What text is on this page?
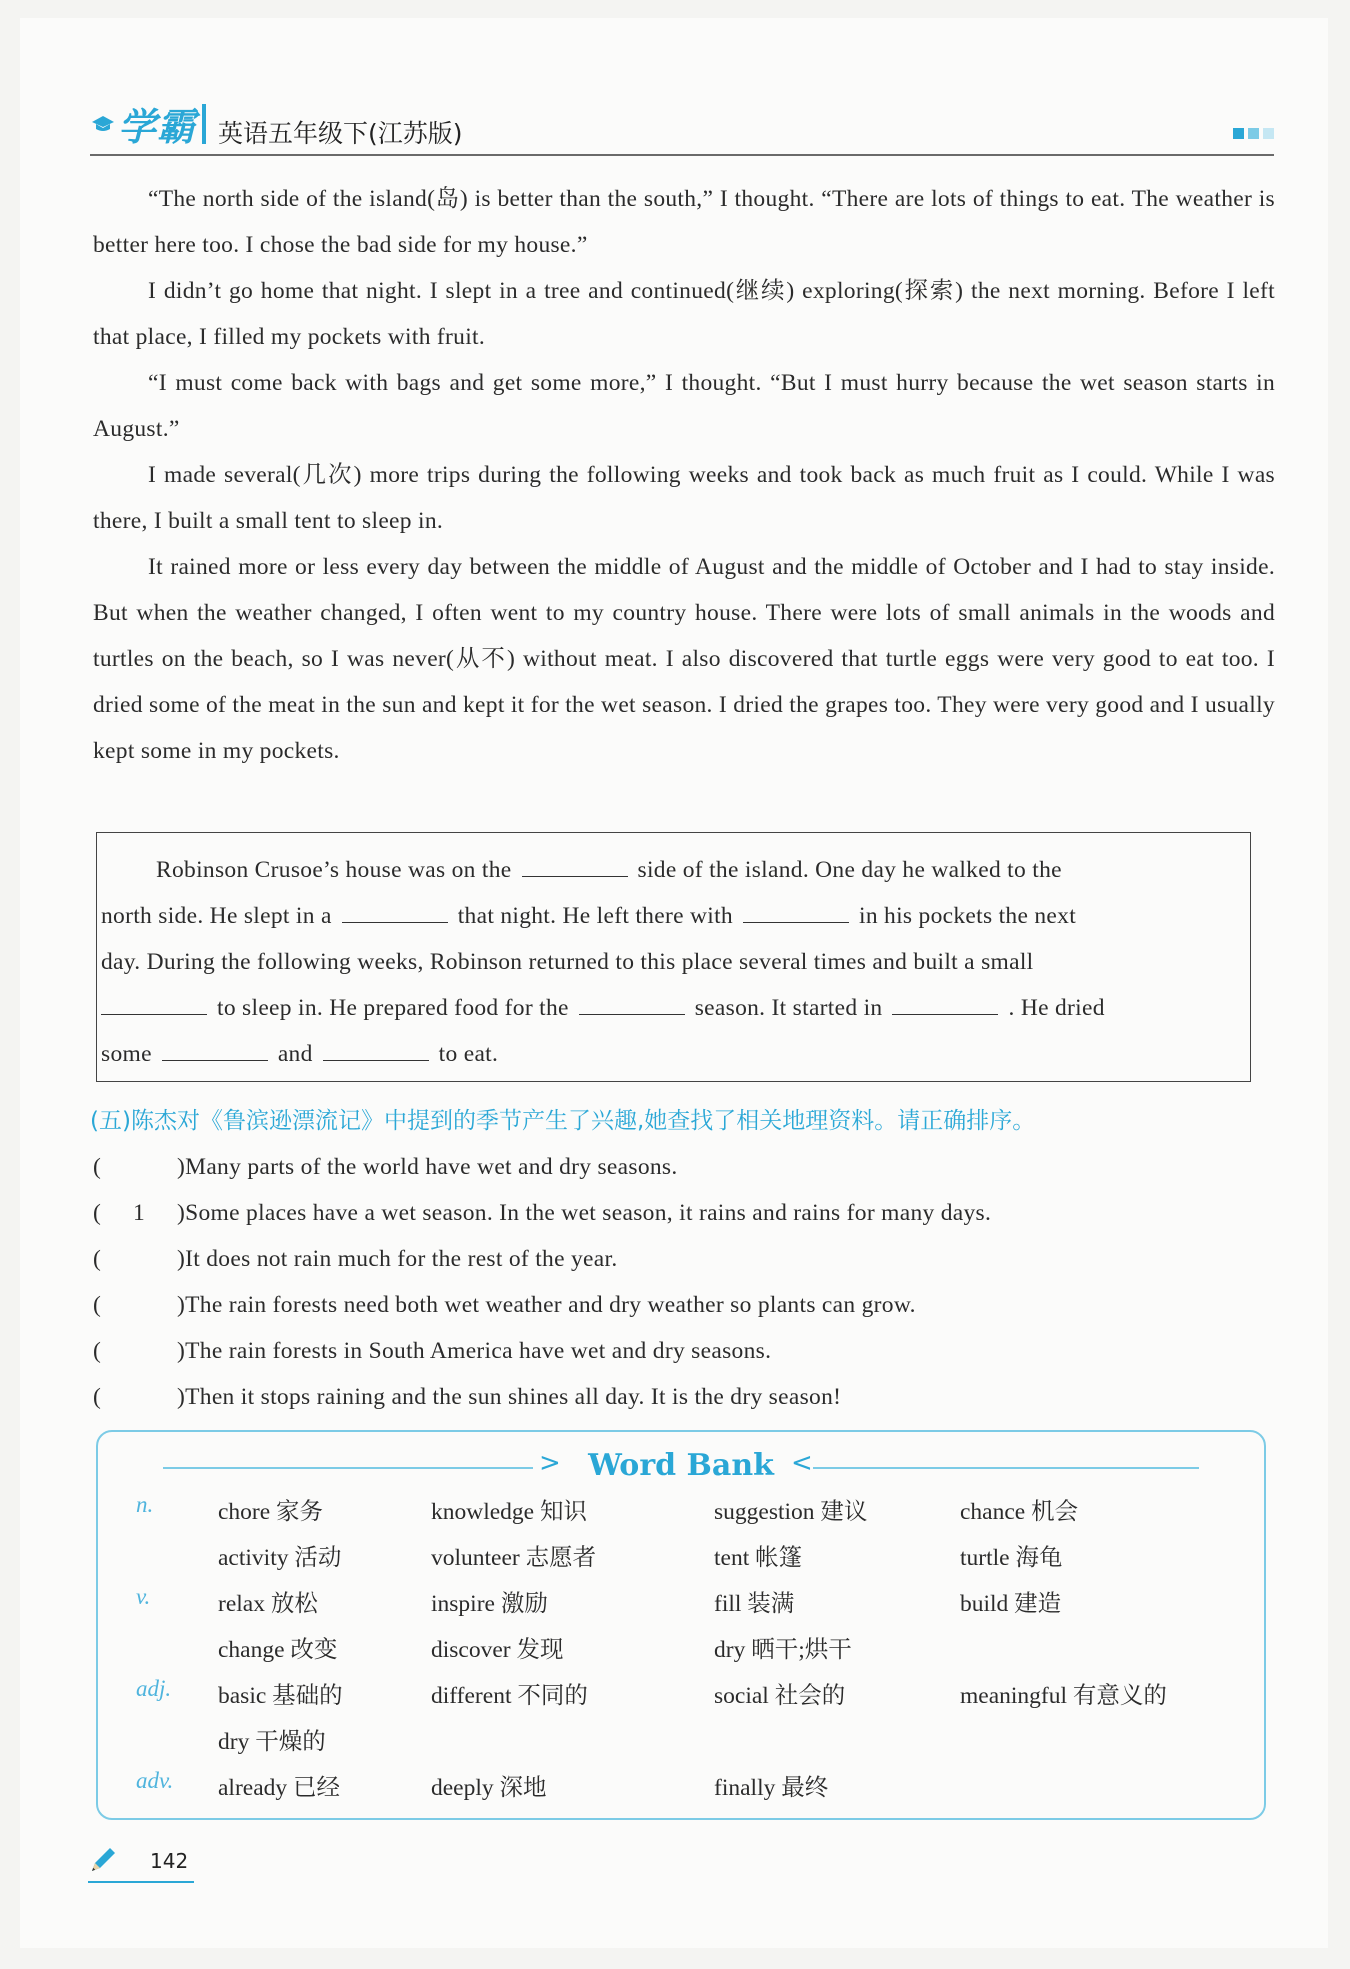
学霸 英语五年级下(江苏版)

“The north side of the island(岛) is better than the south,” I thought. “There are lots of things to eat. The weather is better here too. I chose the bad side for my house.”

I didn’t go home that night. I slept in a tree and continued(继续) exploring(探索) the next morning. Before I left that place, I filled my pockets with fruit.

“I must come back with bags and get some more,” I thought. “But I must hurry because the wet season starts in August.”

I made several(几次) more trips during the following weeks and took back as much fruit as I could. While I was there, I built a small tent to sleep in.

It rained more or less every day between the middle of August and the middle of October and I had to stay inside. But when the weather changed, I often went to my country house. There were lots of small animals in the woods and turtles on the beach, so I was never(从不) without meat. I also discovered that turtle eggs were very good to eat too. I dried some of the meat in the sun and kept it for the wet season. I dried the grapes too. They were very good and I usually kept some in my pockets.

Robinson Crusoe’s house was on the	side of the island. One day he walked to the
north side. He slept in a	that night. He left there with	in his pockets the next
day. During the following weeks, Robinson returned to this place several times and built a small
to sleep in. He prepared food for the	season. It started in	. He dried
some	and	to eat.
(五)陈杰对《鲁滨逊漂流记》中提到的季节产生了兴趣,她查找了相关地理资料。请正确排序。
(	)Many parts of the world have wet and dry seasons.
(	1	)Some places have a wet season. In the wet season, it rains and rains for many days.
(	)It does not rain much for the rest of the year.
(	)The rain forests need both wet weather and dry weather so plants can grow.
(	)The rain forests in South America have wet and dry seasons.
(	)Then it stops raining and the sun shines all day. It is the dry season!
> Word Bank <
n.	chore 家务	knowledge 知识	suggestion 建议	chance 机会
activity 活动	volunteer 志愿者	tent 帐篷	turtle 海龟
v.	relax 放松	inspire 激励	fill 装满	build 建造
change 改变	discover 发现	dry 晒干;烘干
adj. basic 基础的	different 不同的	social 社会的	meaningful 有意义的
dry 干燥的
adv. already 已经	deeply 深地	finally 最终
142
